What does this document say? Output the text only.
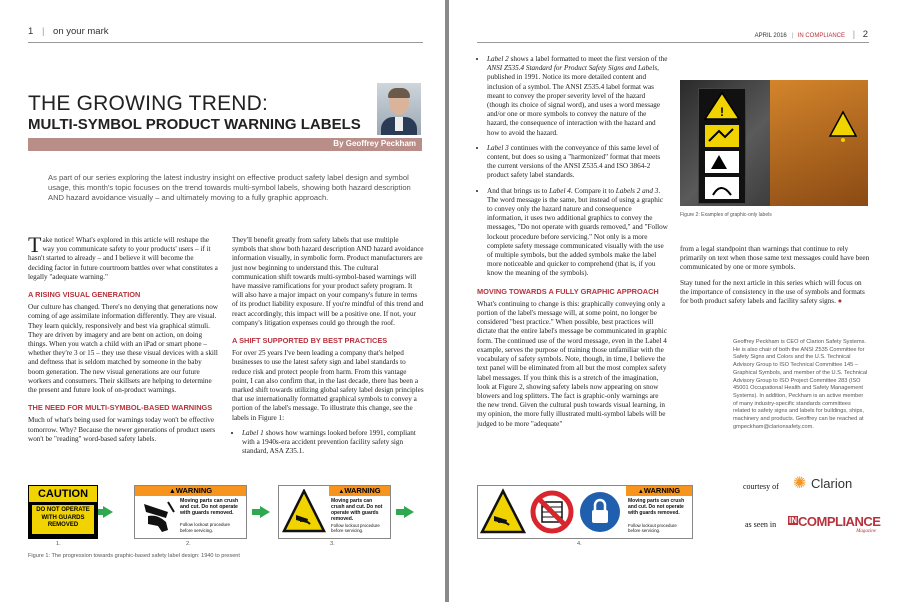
1 | on your mark
THE GROWING TREND:
MULTI-SYMBOL PRODUCT WARNING LABELS
By Geoffrey Peckham
As part of our series exploring the latest industry insight on effective product safety label design and symbol usage, this month's topic focuses on the trend towards multi-symbol labels, showing both hazard description AND hazard avoidance visually – and ultimately moving to a fully graphic approach.

Take notice! What's explored in this article will reshape the way you communicate safety to your products' users – if it hasn't started to already – and I believe it will become the deciding factor in future courtroom battles over what constitutes a legally "adequate warning."

A RISING VISUAL GENERATION

Our culture has changed. There's no denying that generations now coming of age assimilate information differently. They are visual. They learn quickly, responsively and best via graphical stimuli. They are driven by imagery and are bent on action, on doing things. When you watch a child with an iPad or smart phone – whether they're 3 or 15 – they use these visual devices with a skill and deftness that is seldom matched by someone in the baby boom generation. The new visual generations are our future workers and consumers. Their skillsets are helping to determine the present and future look of on-product warnings.

THE NEED FOR MULTI-SYMBOL-BASED WARNINGS

Much of what's being used for warnings today won't be effective tomorrow. Why? Because the newer generations of product users won't be "reading" word-based safety labels.

They'll benefit greatly from safety labels that use multiple symbols that show both hazard description AND hazard avoidance information visually, in symbolic form. Product manufacturers are just now beginning to understand this. The cultural communication shift towards multi-symbol-based warnings will have massive ramifications for your product safety program. It will also have a major impact on your company's future in terms of its product liability exposure. If you're mindful of this trend and react accordingly, this impact will be a positive one. If not, your company's litigation expenses could go through the roof.

A SHIFT SUPPORTED BY BEST PRACTICES

For over 25 years I've been leading a company that's helped businesses to use the latest safety sign and label standards to reduce risk and protect people from harm. From this vantage point, I can also confirm that, in the last decade, there has been a marked shift towards utilizing global safety label design principles that use internationally formatted graphical symbols to convey a portion of the label's message. To illustrate this change, see the labels in Figure 1:

• Label 1 shows how warnings looked before 1991, compliant with a 1940s-era accident prevention facility safety sign standard, ASA Z35.1.
CAUTION
DO NOT OPERATE WITH GUARDS REMOVED
▲WARNING
Moving parts can crush and cut. Do not operate with guards removed.
Follow lockout procedure before servicing.
▲WARNING
Moving parts can crush and cut. Do not operate with guards removed.
Follow lockout procedure before servicing.
1.	2.	3.
Figure 1: The progression towards graphic-based safety label design: 1940 to present
APRIL 2016 | IN COMPLIANCE | 2
• Label 2 shows a label formatted to meet the first version of the ANSI Z535.4 Standard for Product Safety Signs and Labels, published in 1991. Notice its more detailed content and inclusion of a symbol. The ANSI Z535.4 label format was meant to convey the proper severity level of the hazard (though its choice of signal word), and uses a word message and/or one or more symbols to convey the nature of the hazard, the consequence of interaction with the hazard and how to avoid the hazard.
• Label 3 continues with the conveyance of this same level of content, but does so using a "harmonized" format that meets the current versions of the ANSI Z535.4 and ISO 3864-2 product safety label standards.
• And that brings us to Label 4. Compare it to Labels 2 and 3. The word message is the same, but instead of using a graphic to convey only the hazard nature and consequence information, it uses two additional graphics to convey the messages, "Do not operate with guards removed," and "Follow lockout procedure before servicing." Not only is a more complete safety message communicated visually with the use of multiple symbols, but the added symbols make the label more noticeable and quicker to comprehend (that is, if you know the meaning of the symbols).
MOVING TOWARDS A FULLY GRAPHIC APPROACH

What's continuing to change is this: graphically conveying only a portion of the label's message will, at some point, no longer be considered "best practice." When possible, best practices will dictate that the entire label's message be communicated in graphic form. The continued use of the word message, even in the Label 4 example, serves the purpose of training those unfamiliar with the vocabulary of safety symbols. Note, though, in time, I believe the text panel will be eliminated from all but the most complex safety label messages. If you think this is a stretch of the imagination, look at Figure 2, showing safety labels now appearing on snow blowers and log splitters. The fact is graphic-only warnings are the new trend. Given the cultural push towards visual learning, in my opinion, the more fully illustrated multi-symbol labels will be judged to be more "adequate"

!
Figure 2: Examples of graphic-only labels

from a legal standpoint than warnings that continue to rely primarily on text when those same text messages could have been communicated by one or more symbols.

Stay tuned for the next article in this series which will focus on the importance of consistency in the use of symbols and formats for both product safety labels and facility safety signs. ●

Geoffrey Peckham is CEO of Clarion Safety Systems. He is also chair of both the ANSI Z535 Committee for Safety Signs and Colors and the U.S. Technical Advisory Group to ISO Technical Committee 145 – Graphical Symbols, and member of the U.S. Technical Advisory Group to ISO Project Committee 283 (ISO 45001 Occupational Health and Safety Management Systems). In addition, Peckham is an active member of many industry-specific standards committees related to safety signs and labels for buildings, ships, machinery and products. Geoffrey can be reached at gmpeckham@clarionsafety.com.
courtesy of ✺ Clarion
as seen in IN COMPLIANCE
Magazine
▲WARNING
Moving parts can crush and cut. Do not operate with guards removed.
Follow lockout procedure before servicing.
4.
